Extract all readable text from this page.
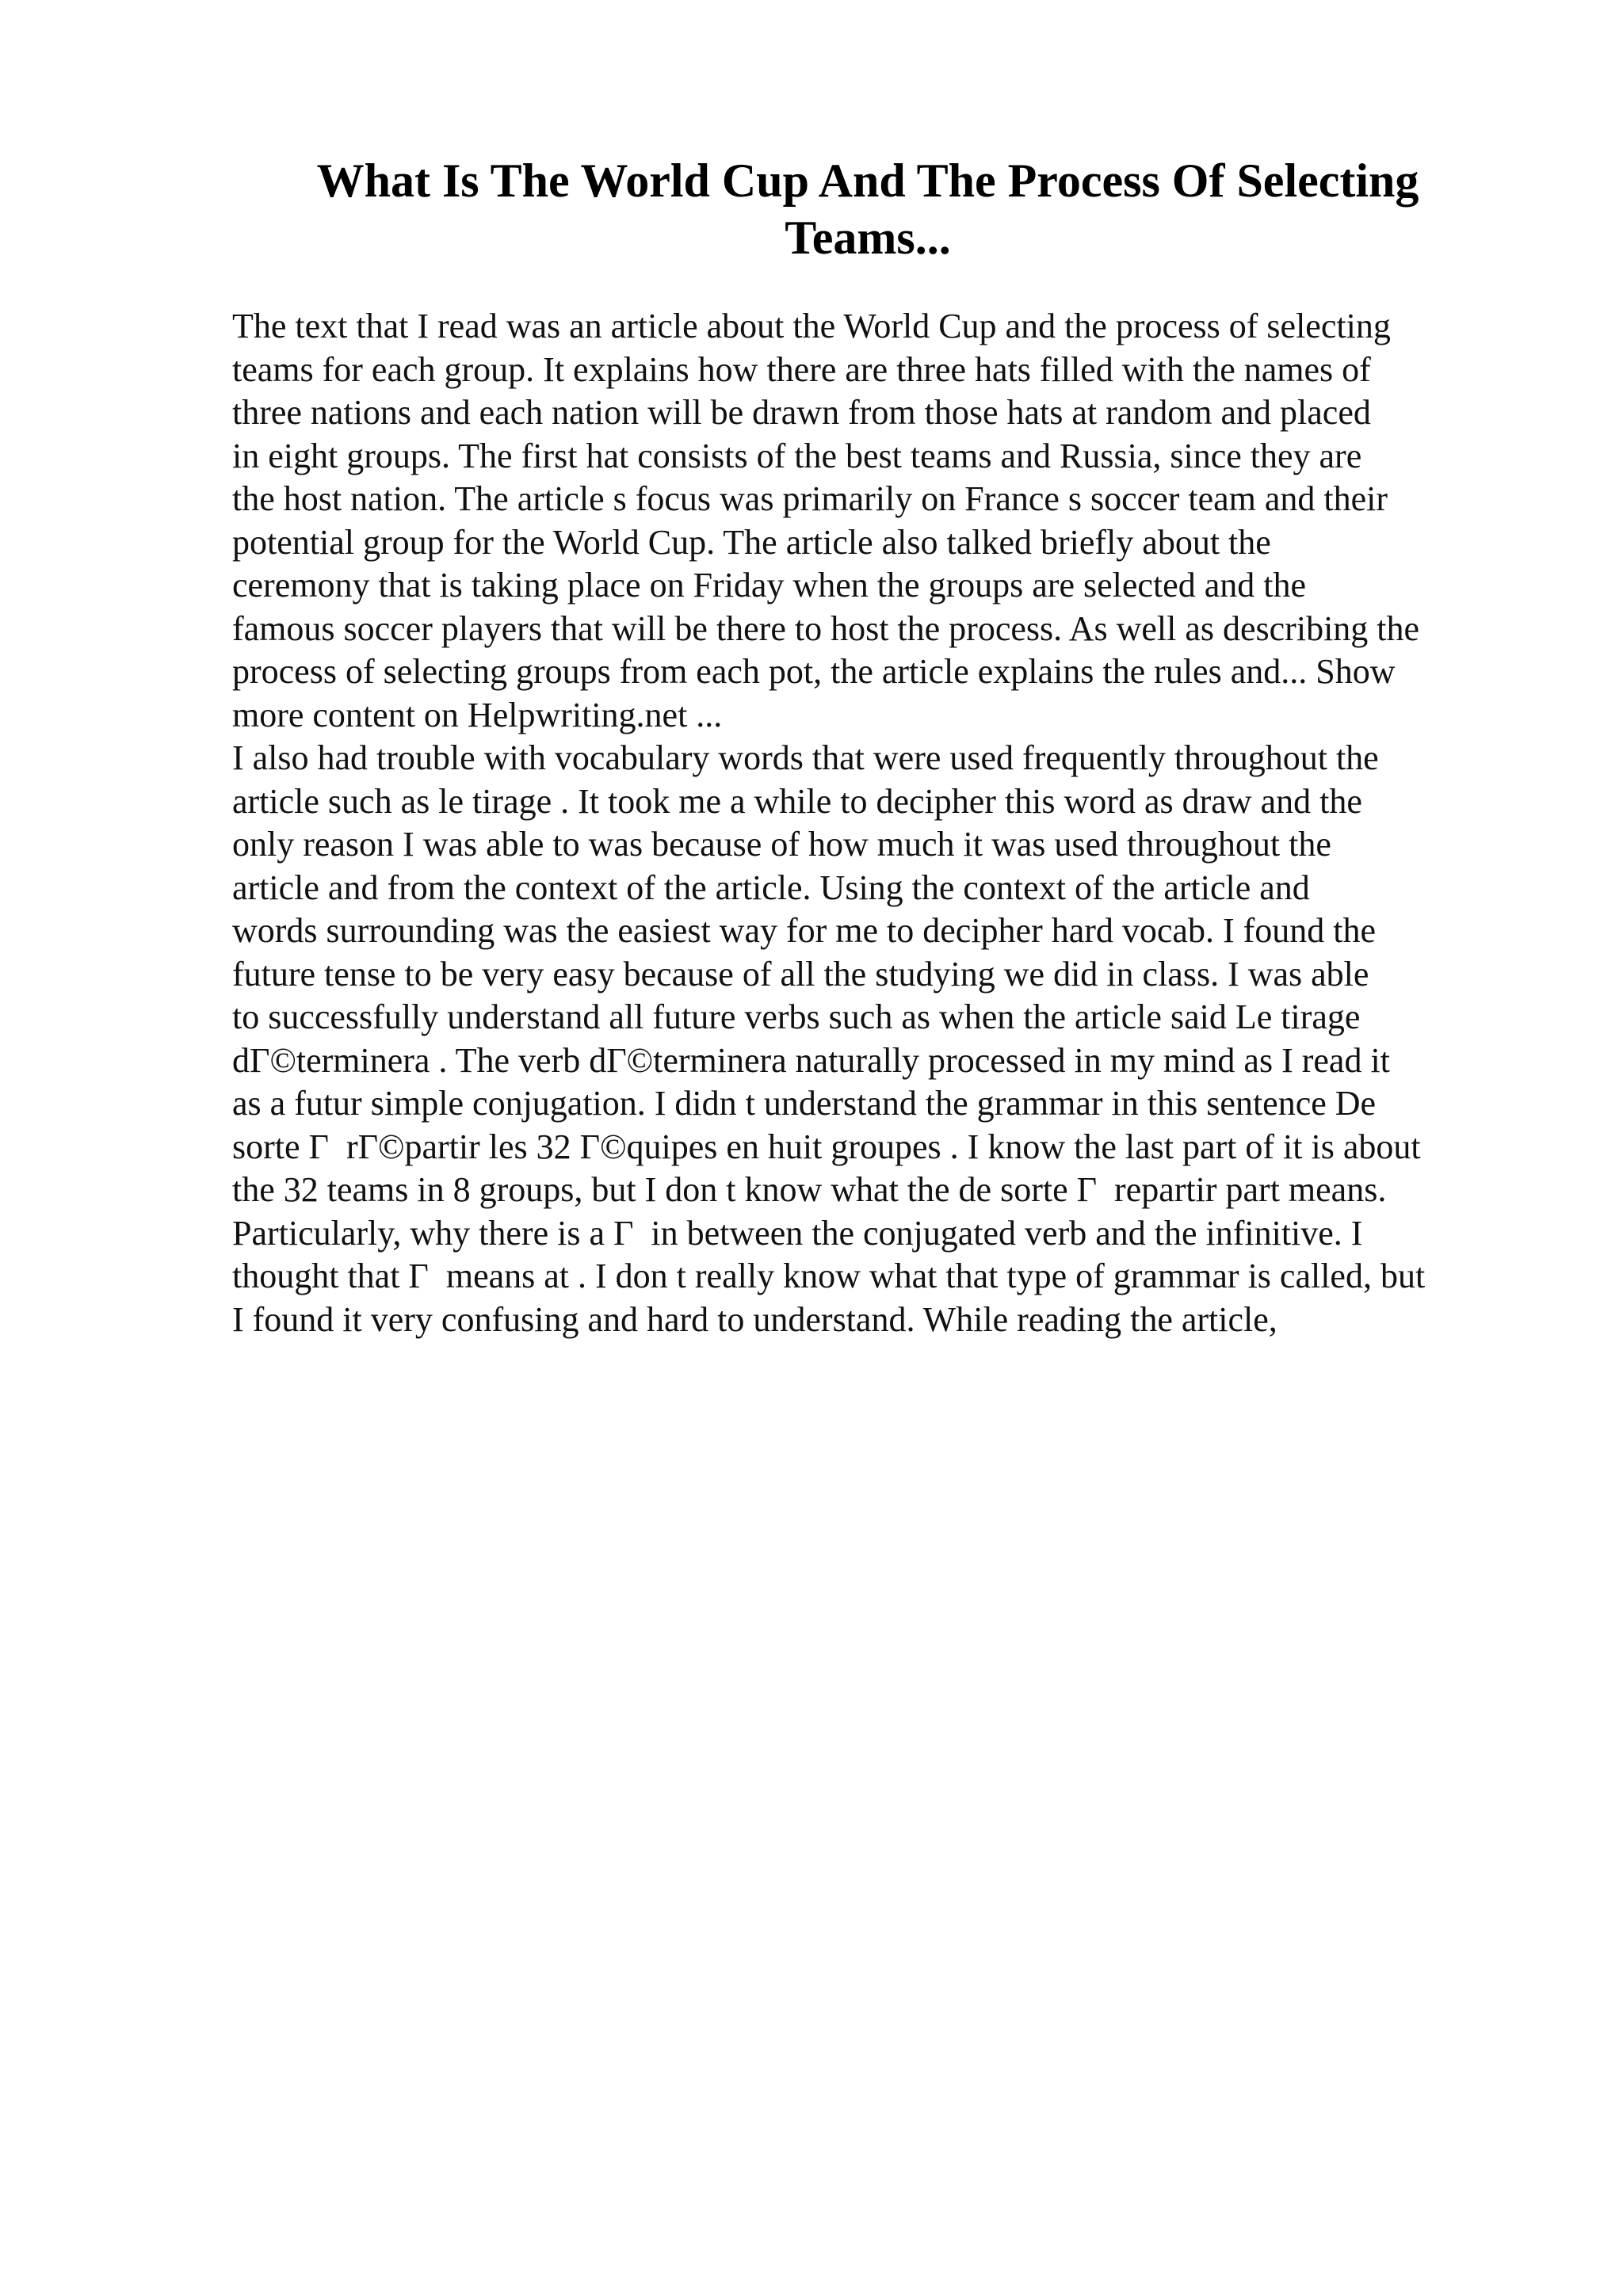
What Is The World Cup And The Process Of Selecting
Teams...
The text that I read was an article about the World Cup and the process of selecting
teams for each group. It explains how there are three hats filled with the names of
three nations and each nation will be drawn from those hats at random and placed
in eight groups. The first hat consists of the best teams and Russia, since they are
the host nation. The article s focus was primarily on France s soccer team and their
potential group for the World Cup. The article also talked briefly about the
ceremony that is taking place on Friday when the groups are selected and the
famous soccer players that will be there to host the process. As well as describing the
process of selecting groups from each pot, the article explains the rules and... Show
more content on Helpwriting.net ...
I also had trouble with vocabulary words that were used frequently throughout the
article such as le tirage . It took me a while to decipher this word as draw and the
only reason I was able to was because of how much it was used throughout the
article and from the context of the article. Using the context of the article and
words surrounding was the easiest way for me to decipher hard vocab. I found the
future tense to be very easy because of all the studying we did in class. I was able
to successfully understand all future verbs such as when the article said Le tirage
dΓ©terminera . The verb dΓ©terminera naturally processed in my mind as I read it
as a futur simple conjugation. I didn t understand the grammar in this sentence De
sorte Γ  rΓ©partir les 32 Γ©quipes en huit groupes . I know the last part of it is about
the 32 teams in 8 groups, but I don t know what the de sorte Γ  repartir part means.
Particularly, why there is a Γ  in between the conjugated verb and the infinitive. I
thought that Γ  means at . I don t really know what that type of grammar is called, but
I found it very confusing and hard to understand. While reading the article,
